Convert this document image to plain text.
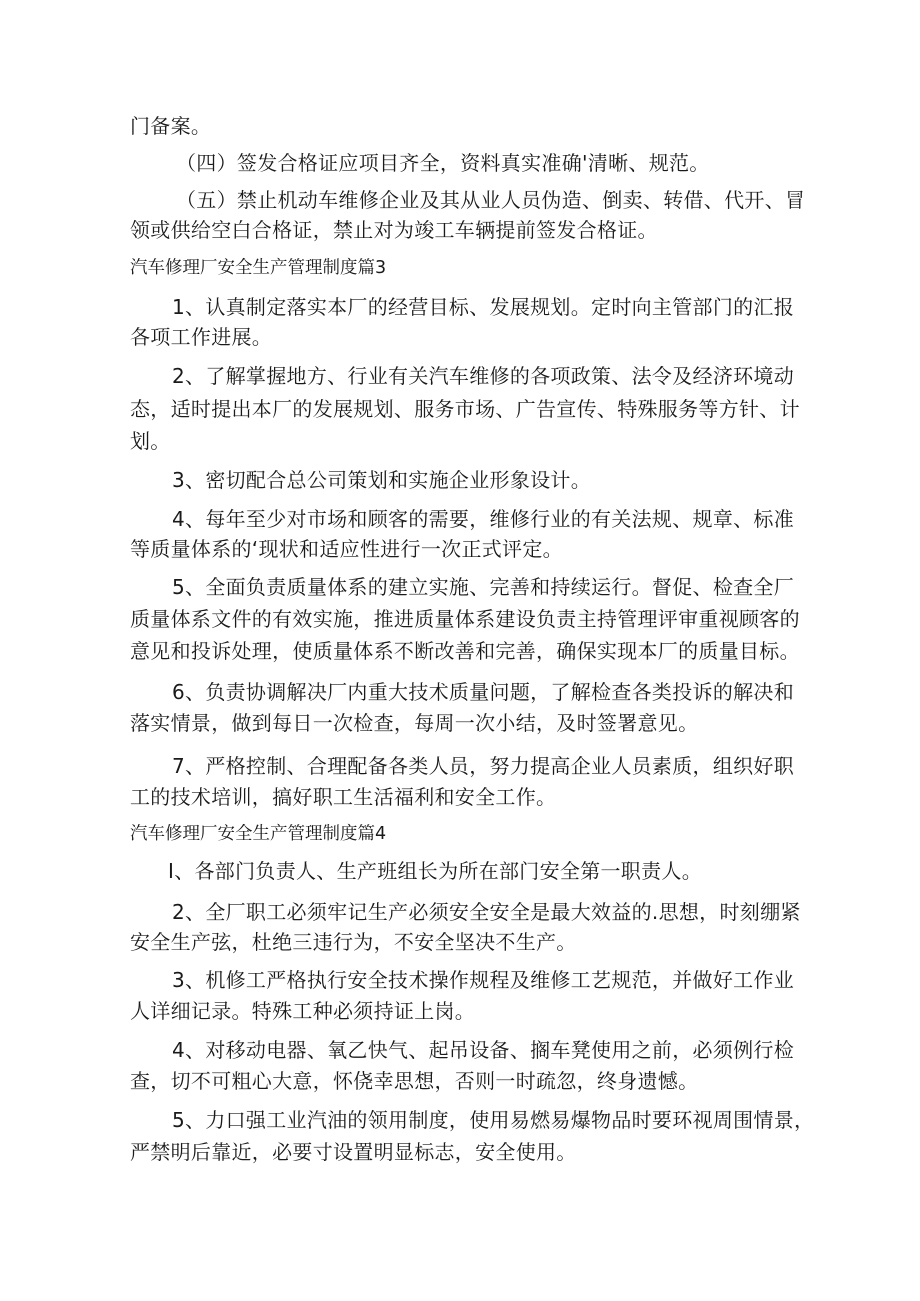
门备案。
（四）签发合格证应项目齐全，资料真实准确'清晰、规范。
（五）禁止机动车维修企业及其从业人员伪造、倒卖、转借、代开、冒
领或供给空白合格证，禁止对为竣工车辆提前签发合格证。
汽车修理厂安全生产管理制度篇3
1、认真制定落实本厂的经营目标、发展规划。定时向主管部门的汇报
各项工作进展。
2、了解掌握地方、行业有关汽车维修的各项政策、法令及经济环境动
态，适时提出本厂的发展规划、服务市场、广告宣传、特殊服务等方针、计
划。
3、密切配合总公司策划和实施企业形象设计。
4、每年至少对市场和顾客的需要，维修行业的有关法规、规章、标准
等质量体系的‘现状和适应性进行一次正式评定。
5、全面负责质量体系的建立实施、完善和持续运行。督促、检查全厂
质量体系文件的有效实施，推进质量体系建设负责主持管理评审重视顾客的
意见和投诉处理，使质量体系不断改善和完善，确保实现本厂的质量目标。
6、负责协调解决厂内重大技术质量问题，了解检查各类投诉的解决和
落实情景，做到每日一次检查，每周一次小结，及时签署意见。
7、严格控制、合理配备各类人员，努力提高企业人员素质，组织好职
工的技术培训，搞好职工生活福利和安全工作。
汽车修理厂安全生产管理制度篇4
I、各部门负责人、生产班组长为所在部门安全第一职责人。
2、全厂职工必须牢记生产必须安全安全是最大效益的.思想，时刻绷紧
安全生产弦，杜绝三违行为，不安全坚决不生产。
3、机修工严格执行安全技术操作规程及维修工艺规范，并做好工作业
人详细记录。特殊工种必须持证上岗。
4、对移动电器、氧乙快气、起吊设备、搁车凳使用之前，必须例行检
查，切不可粗心大意，怀侥幸思想，否则一时疏忽，终身遗憾。
5、力口强工业汽油的领用制度，使用易燃易爆物品时要环视周围情景，
严禁明后靠近，必要寸设置明显标志，安全使用。
